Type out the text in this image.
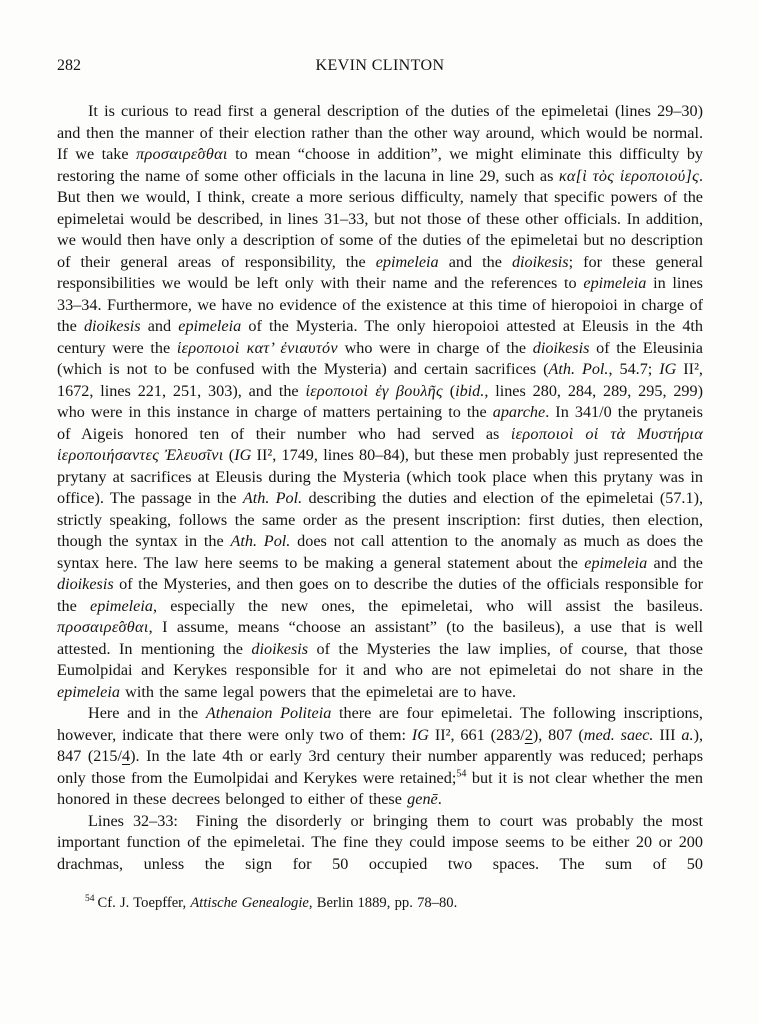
282	KEVIN CLINTON

It is curious to read first a general description of the duties of the epimeletai (lines 29–30) and then the manner of their election rather than the other way around, which would be normal. If we take προσαιρε̂σθαι to mean “choose in addition”, we might eliminate this difficulty by restoring the name of some other officials in the lacuna in line 29, such as κα[ὶ τὸς ἱεροποιού]ς. But then we would, I think, create a more serious difficulty, namely that specific powers of the epimeletai would be described, in lines 31–33, but not those of these other officials. In addition, we would then have only a description of some of the duties of the epimeletai but no description of their general areas of responsibility, the epimeleia and the dioikesis; for these general responsibilities we would be left only with their name and the references to epimeleia in lines 33–34. Furthermore, we have no evidence of the existence at this time of hieropoioi in charge of the dioikesis and epimeleia of the Mysteria. The only hieropoioi attested at Eleusis in the 4th century were the ἱεροποιοὶ κατ’ ἐνιαυτόν who were in charge of the dioikesis of the Eleusinia (which is not to be confused with the Mysteria) and certain sacrifices (Ath. Pol., 54.7; IG II², 1672, lines 221, 251, 303), and the ἱεροποιοὶ ἐγ βουλῆς (ibid., lines 280, 284, 289, 295, 299) who were in this instance in charge of matters pertaining to the aparche. In 341/0 the prytaneis of Aigeis honored ten of their number who had served as ἱεροποιοὶ οἱ τὰ Μυστήρια ἱεροποιήσαντες Ἐλευσῖνι (IG II², 1749, lines 80–84), but these men probably just represented the prytany at sacrifices at Eleusis during the Mysteria (which took place when this prytany was in office). The passage in the Ath. Pol. describing the duties and election of the epimeletai (57.1), strictly speaking, follows the same order as the present inscription: first duties, then election, though the syntax in the Ath. Pol. does not call attention to the anomaly as much as does the syntax here. The law here seems to be making a general statement about the epimeleia and the dioikesis of the Mysteries, and then goes on to describe the duties of the officials responsible for the epimeleia, especially the new ones, the epimeletai, who will assist the basileus. προσαιρε̂σθαι, I assume, means “choose an assistant” (to the basileus), a use that is well attested. In mentioning the dioikesis of the Mysteries the law implies, of course, that those Eumolpidai and Kerykes responsible for it and who are not epimeletai do not share in the epimeleia with the same legal powers that the epimeletai are to have.

Here and in the Athenaion Politeia there are four epimeletai. The following inscriptions, however, indicate that there were only two of them: IG II², 661 (283/2), 807 (med. saec. III a.), 847 (215/4). In the late 4th or early 3rd century their number apparently was reduced; perhaps only those from the Eumolpidai and Kerykes were retained;$^{54}$ but it is not clear whether the men honored in these decrees belonged to either of these genē.

Lines 32–33:  Fining the disorderly or bringing them to court was probably the most important function of the epimeletai. The fine they could impose seems to be either 20 or 200 drachmas, unless the sign for 50 occupied two spaces. The sum of 50

$^{54}$ Cf. J. Toepffer, Attische Genealogie, Berlin 1889, pp. 78–80.
